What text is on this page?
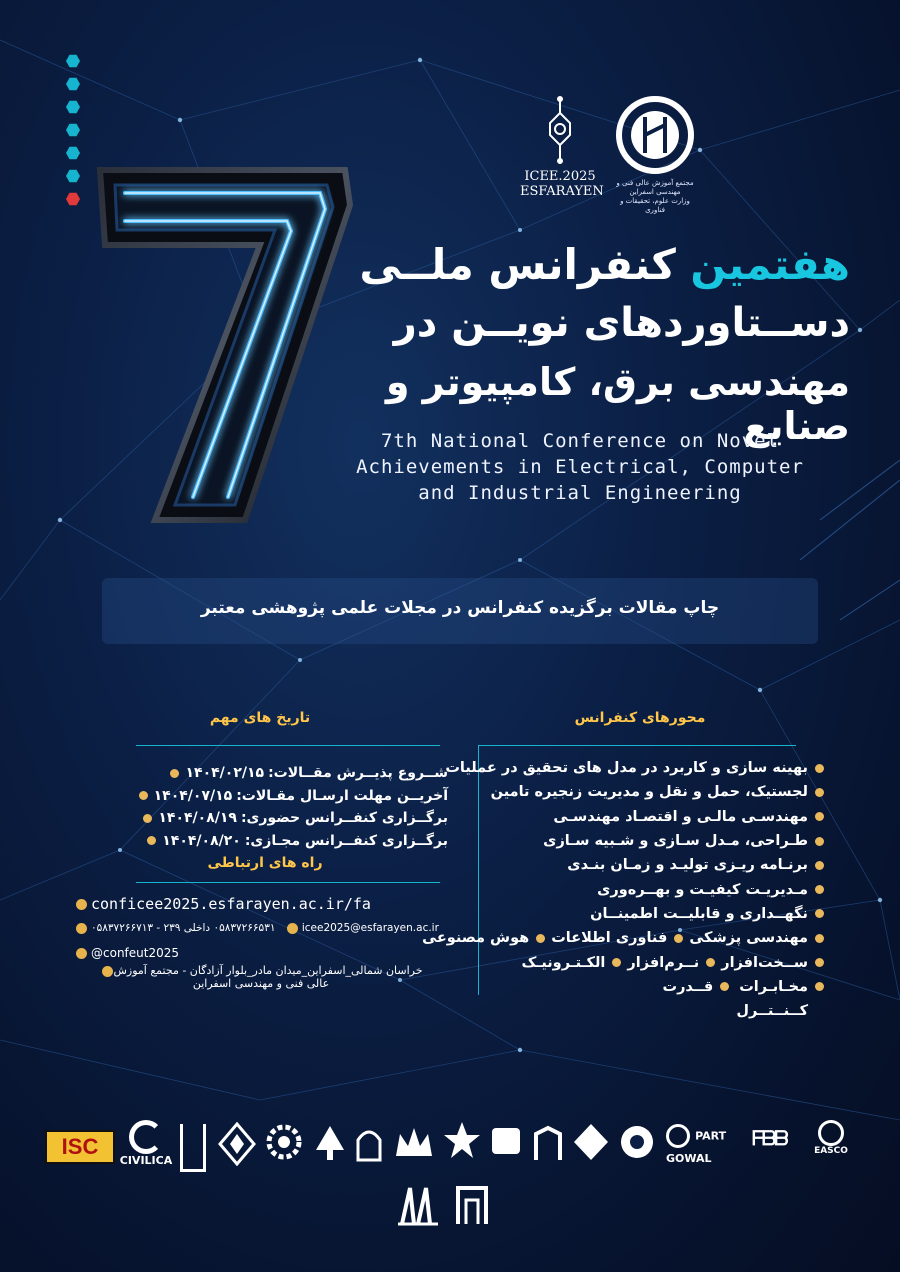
ICEE.2025
ESFARAYEN
مجتمع آموزش عالی فنی و مهندسی اسفراین
وزارت علوم، تحقیقات و فناوری
هفتمین کنفرانس ملــی
دســتاوردهای نویــن در
مهندسی برق، کامپیوتر و صنایع
7th National Conference on Novel
Achievements in Electrical, Computer
and Industrial Engineering
چاپ مقالات برگزیده کنفرانس در مجلات علمی پژوهشی معتبر
محورهای کنفرانس
بهینه سازی و کاربرد در مدل های تحقیق در عملیات
لجستیک، حمل و نقل و مدیریت زنجیره تامین
مهندسـی مالـی و اقتصـاد مهندسـی
طـراحی، مـدل سـازی و شـبیه سـازی
برنـامه ریـزی تولیـد و زمـان بنـدی
مـدیریـت کیفیـت و بهــره‌وری
نگهــداری و قابلیــت اطمینــان
مهندسی پزشکی
فناوری اطلاعات
هوش مصنوعی
ســخت‌افزار
نــرم‌افزار
الکـتـرونیـک
مخـابـرات
قــدرت
کــنــتــرل
تاریخ های مهم
شــروع پذیــرش مقــالات:
۱۴۰۴/۰۲/۱۵
آخریــن مهلت ارسـال مقـالات:
۱۴۰۴/۰۷/۱۵
برگــزاری کنفــرانس حضوری:
۱۴۰۴/۰۸/۱۹
برگــزاری کنفــرانس مجـازی:
۱۴۰۴/۰۸/۲۰
راه های ارتباطی
conficee2025.esfarayen.ac.ir/fa
۰۵۸۳۷۲۶۶۵۳۱ داخلی ۲۳۹ - ۰۵۸۳۷۲۶۶۷۱۳	icee2025@esfarayen.ac.ir
@confeut2025
خراسان شمالی_اسفراین_میدان مادر_بلوار آزادگان - مجتمع آموزش
عالی فنی و مهندسی اسفراین
ISC
CIVILICA
PART GOWAL
ᖴᗷᗷ
EASCO
